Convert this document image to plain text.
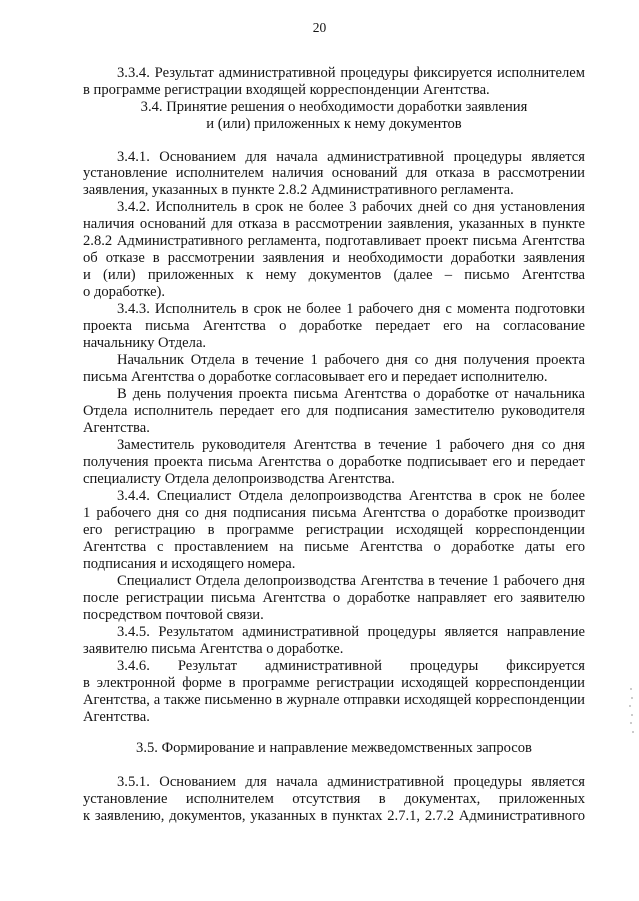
20
3.3.4. Результат административной процедуры фиксируется исполнителем
в программе регистрации входящей корреспонденции Агентства.
3.4. Принятие решения о необходимости доработки заявления
и (или) приложенных к нему документов
3.4.1. Основанием для начала административной процедуры является
установление исполнителем наличия оснований для отказа в рассмотрении
заявления, указанных в пункте 2.8.2 Административного регламента.
3.4.2. Исполнитель в срок не более 3 рабочих дней со дня установления
наличия оснований для отказа в рассмотрении заявления, указанных в пункте
2.8.2 Административного регламента, подготавливает проект письма Агентства
об отказе в рассмотрении заявления и необходимости доработки заявления
и (или) приложенных к нему документов (далее – письмо Агентства
о доработке).
3.4.3. Исполнитель в срок не более 1 рабочего дня с момента подготовки
проекта письма Агентства о доработке передает его на согласование
начальнику Отдела.
Начальник Отдела в течение 1 рабочего дня со дня получения проекта
письма Агентства о доработке согласовывает его и передает исполнителю.
В день получения проекта письма Агентства о доработке от начальника
Отдела исполнитель передает его для подписания заместителю руководителя
Агентства.
Заместитель руководителя Агентства в течение 1 рабочего дня со дня
получения проекта письма Агентства о доработке подписывает его и передает
специалисту Отдела делопроизводства Агентства.
3.4.4. Специалист Отдела делопроизводства Агентства в срок не более
1 рабочего дня со дня подписания письма Агентства о доработке производит
его регистрацию в программе регистрации исходящей корреспонденции
Агентства с проставлением на письме Агентства о доработке даты его
подписания и исходящего номера.
Специалист Отдела делопроизводства Агентства в течение 1 рабочего дня
после регистрации письма Агентства о доработке направляет его заявителю
посредством почтовой связи.
3.4.5. Результатом административной процедуры является направление
заявителю письма Агентства о доработке.
3.4.6. Результат административной процедуры фиксируется
в электронной форме в программе регистрации исходящей корреспонденции
Агентства, а также письменно в журнале отправки исходящей корреспонденции
Агентства.
3.5. Формирование и направление межведомственных запросов
3.5.1. Основанием для начала административной процедуры является
установление исполнителем отсутствия в документах, приложенных
к заявлению, документов, указанных в пунктах 2.7.1, 2.7.2 Административного
